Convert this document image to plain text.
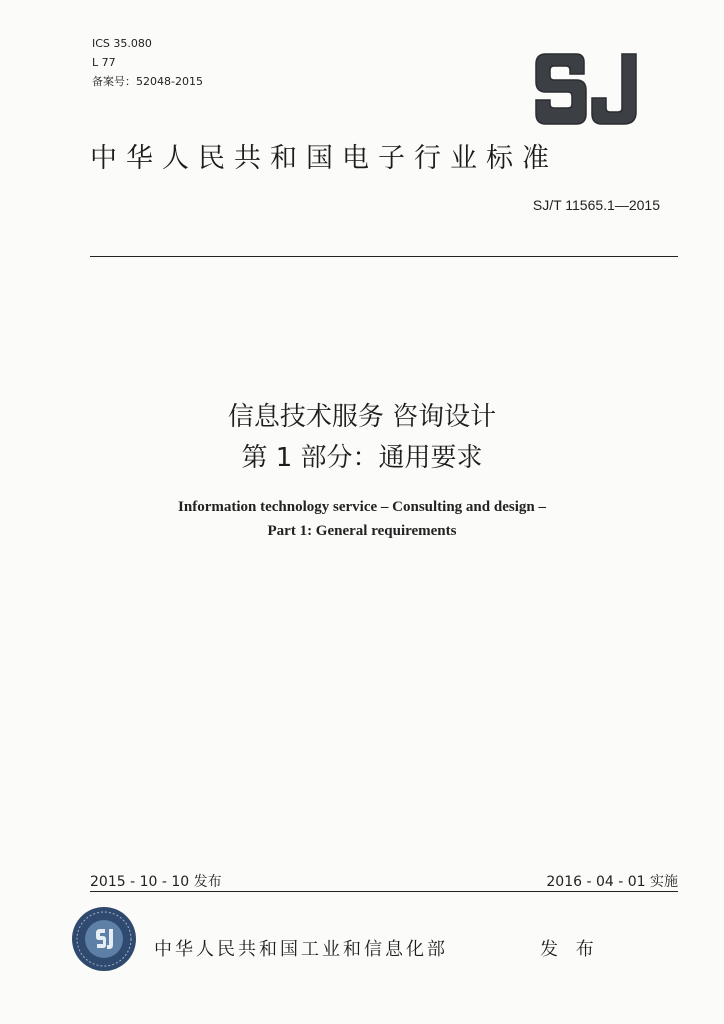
ICS 35.080
L 77
备案号：52048-2015
中华人民共和国电子行业标准
SJ/T 11565.1—2015
信息技术服务 咨询设计
第 1 部分：通用要求
Information technology service – Consulting and design –
Part 1: General requirements
2015 - 10 - 10 发布	2016 - 04 - 01 实施
中华人民共和国工业和信息化部	发 布
